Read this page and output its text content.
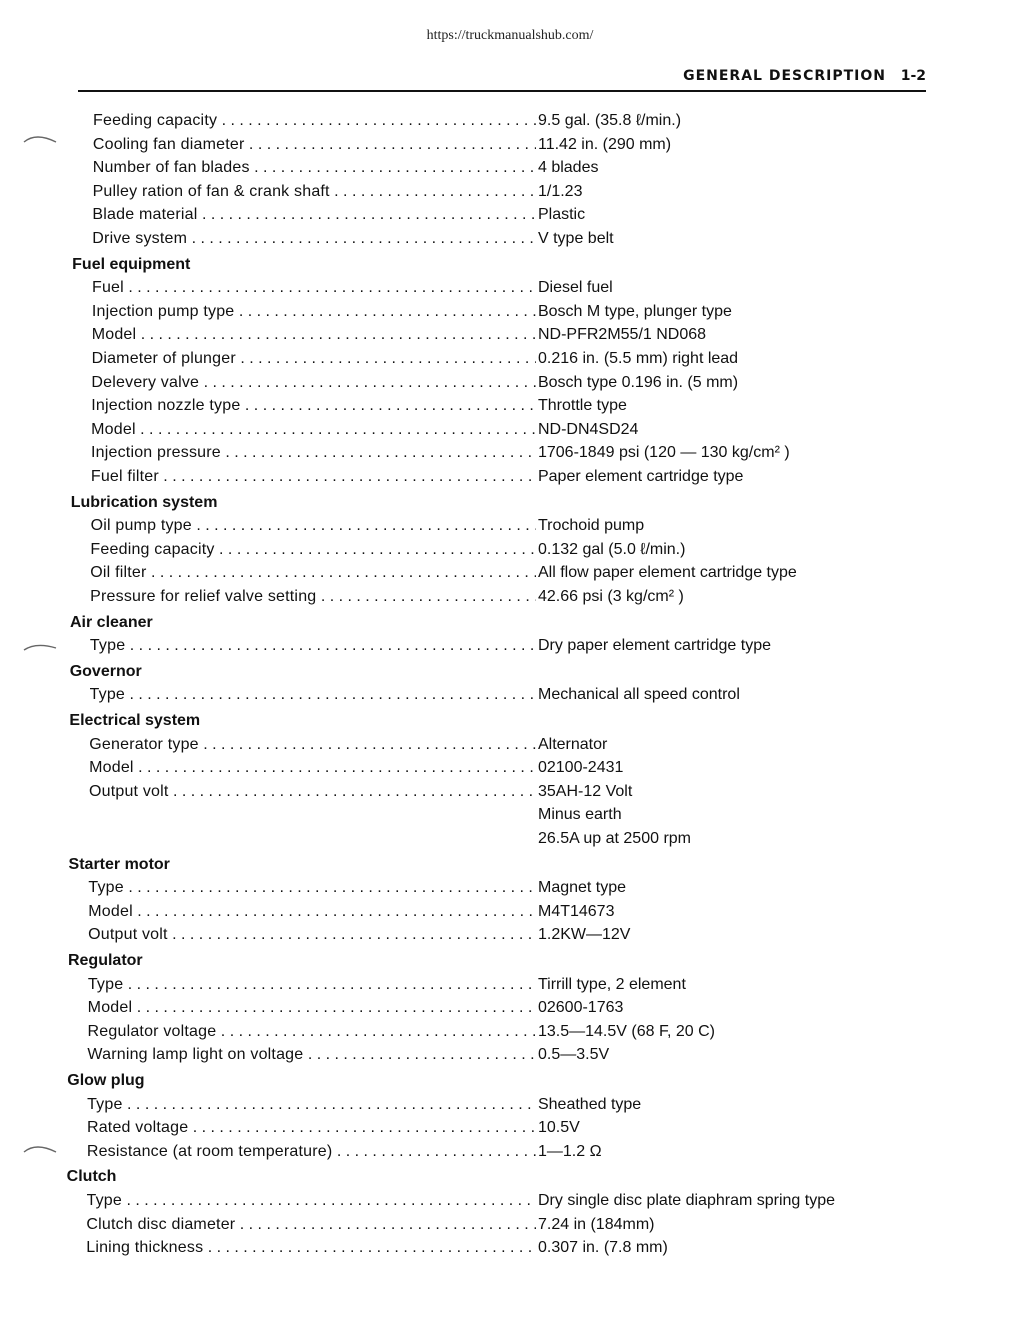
https://truckmanualshub.com/
GENERAL DESCRIPTION 1-2
Feeding capacity . . .	9.5 gal. (35.8 ℓ/min.)
Cooling fan diameter . . .	11.42 in. (290 mm)
Number of fan blades . . .	4 blades
Pulley ration of fan & crank shaft . . .	1/1.23
Blade material . . .	Plastic
Drive system . . .	V type belt
Fuel equipment
Fuel . . .	Diesel fuel
Injection pump type . . .	Bosch M type, plunger type
Model . . .	ND-PFR2M55/1 ND068
Diameter of plunger . . .	0.216 in. (5.5 mm) right lead
Delevery valve . . .	Bosch type 0.196 in. (5 mm)
Injection nozzle type . . .	Throttle type
Model . . .	ND-DN4SD24
Injection pressure . . .	1706-1849 psi (120 — 130 kg/cm² )
Fuel filter . . .	Paper element cartridge type
Lubrication system
Oil pump type . . .	Trochoid pump
Feeding capacity . . .	0.132 gal (5.0 ℓ/min.)
Oil filter . . .	All flow paper element cartridge type
Pressure for relief valve setting . . .	42.66 psi (3 kg/cm² )
Air cleaner
Type . . .	Dry paper element cartridge type
Governor
Type . . .	Mechanical all speed control
Electrical system
Generator type . . .	Alternator
Model . . .	02100-2431
Output volt . . .	35AH-12 Volt
Minus earth
26.5A up at 2500 rpm
Starter motor
Type . . .	Magnet type
Model . . .	M4T14673
Output volt . . .	1.2KW—12V
Regulator
Type . . .	Tirrill type, 2 element
Model . . .	02600-1763
Regulator voltage . . .	13.5—14.5V (68 F, 20 C)
Warning lamp light on voltage . . .	0.5—3.5V
Glow plug
Type . . .	Sheathed type
Rated voltage . . .	10.5V
Resistance (at room temperature) . . .	1—1.2 Ω
Clutch
Type . . .	Dry single disc plate diaphram spring type
Clutch disc diameter . . .	7.24 in (184mm)
Lining thickness . . .	0.307 in. (7.8 mm)
